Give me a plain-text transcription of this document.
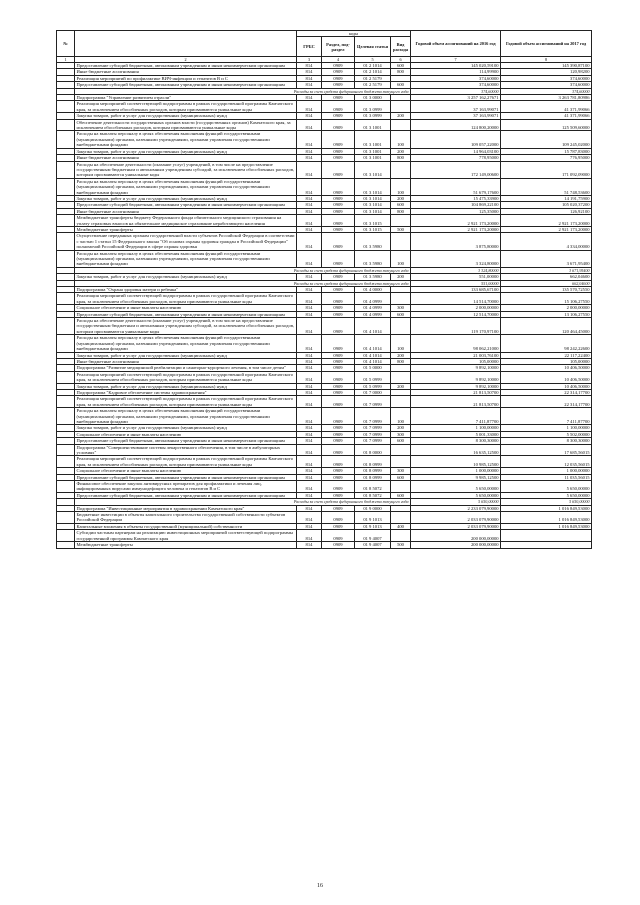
№		коды				Годовой объем ассигнований на 2016 год	Годовой объем ассигнований на 2017 год
		ГРБС	Раздел, под-раздел	Целевая статья	Вид расхода		
1	2	3	4	5	6	7	8
	Предоставление субсидий бюджетным, автономным учреждениям и иным некоммерческим организациям	814	0909	01 2 1014	600	145 020,59100	145 390,87100
	Иные бюджетные ассигнования	814	0909	01 2 1014	800	114,99900	120,98200
	Реализация мероприятий по профилактике ВИЧ-инфекции и гепатитов В и С	814	0909	01 2 5179		374,60000	374,60000
	Предоставление субсидий бюджетным, автономным учреждениям и иным некоммерческим организациям	814	0909	01 2 5179	600	374,60000	374,60000
	Расходы за счет средств федерального бюджета текущего года					374,60000	374,60000
	Подпрограмма "Управление развитием отрасли"	814	0909	01 3 0000		3 257 162,27671	3 263 781,80986
	Реализация мероприятий соответствующей подпрограммы в рамках государственной программы Камчатского края, за исключением обособленных расходов, которым присваиваются уникальные коды	814	0909	01 3 0999		37 163,99071	41 371,99066
	Закупка товаров, работ и услуг для государственных (муниципальных) нужд	814	0909	01 3 0999	200	37 163,99071	41 371,99066
	Обеспечение деятельности государственных органов власти (государственных органов) Камчатского края, за исключением обособленных расходов, которым присваиваются уникальные коды	814	0909	01 3 1001		124 800,20000	125 509,60000
	Расходы на выплаты персоналу в целях обеспечения выполнения функций государственными (муниципальными) органами, казенными учреждениями, органами управления государственными внебюджетными фондами	814	0909	01 3 1001	100	109 057,22000	109 245,02000
	Закупка товаров, работ и услуг для государственных (муниципальных) нужд	814	0909	01 3 1001	200	14 964,03100	15 787,83000
	Иные бюджетные ассигнования	814	0909	01 3 1001	800	778,95000	776,95000
	Расходы на обеспечение деятельности (оказание услуг) учреждений, в том числе на предоставление государственным бюджетным и автономным учреждениям субсидий, за исключением обособленных расходов, которым присваиваются уникальные коды	814	0909	01 3 1014		172 149,00600	171 092,09000
	Расходы на выплаты персоналу в целях обеспечения выполнения функций государственными (муниципальными) органами, казенными учреждениями, органами управления государственными внебюджетными фондами	814	0909	01 3 1014	100	51 679,17600	51 748,53600
	Закупка товаров, работ и услуг для государственных (муниципальных) нужд	814	0909	01 3 1014	200	15 475,33900	14 191,75900
	Предоставление субсидий бюджетным, автономным учреждениям и иным некоммерческим организациям	814	0909	01 3 1014	600	104 869,22100	105 020,37200
	Иные бюджетные ассигнования	814	0909	01 3 1014	800	125,35000	126,92100
	Межбюджетные трансферты бюджету Федерального фонда обязательного медицинского страхования на уплату страховых взносов на обязательное медицинское страхование неработающего населения	814	0909	01 3 1015		2 921 173,20000	2 921 173,20000
	Межбюджетные трансферты	814	0909	01 3 1015	500	2 921 173,20000	2 921 173,20000
	Осуществление переданных органам государственной власти субъектов Российской Федерации в соответствии с частью 1 статьи 15 Федерального закона "Об основах охраны здоровья граждан в Российской Федерации" полномочий Российской Федерации в сфере охраны здоровья	814	0909	01 3 5980		3 875,80000	4 334,00000
	Расходы на выплаты персоналу в целях обеспечения выполнения функций государственными (муниципальными) органами, казенными учреждениями, органами управления государственными внебюджетными фондами	814	0909	01 3 5980	100	3 324,80000	3 671,95400
	Расходы за счет средств федерального бюджета текущего года					3 324,80000	3 671,95400
	Закупка товаров, работ и услуг для государственных (муниципальных) нужд	814	0909	01 3 5980	200	551,00000	662,04600
	Расходы за счет средств федерального бюджета текущего года					551,00000	662,04600
	Подпрограмма "Охрана здоровья матери и ребенка"	814	0909	01 4 0000		133 685,67100	135 570,72550
	Реализация мероприятий соответствующей подпрограммы в рамках государственной программы Камчатского края, за исключением обособленных расходов, которым присваиваются уникальные коды	814	0909	01 4 0999		14 514,70000	15 106,27550
	Социальное обеспечение и иные выплаты населению	814	0909	01 4 0999	300	2 000,00000	2 000,00000
	Предоставление субсидий бюджетным, автономным учреждениям и иным некоммерческим организациям	814	0909	01 4 0999	600	12 514,70000	13 106,27550
	Расходы на обеспечение деятельности (оказание услуг) учреждений, в том числе на предоставление государственным бюджетным и автономным учреждениям субсидий, за исключением обособленных расходов, которым присваиваются уникальные коды	814	0909	01 4 1014		119 170,97100	120 464,45000
	Расходы на выплаты персоналу в целях обеспечения выполнения функций государственными (муниципальными) органами, казенными учреждениями, органами управления государственными внебюджетными фондами	814	0909	01 4 1014	100	98 062,21000	98 242,22600
	Закупка товаров, работ и услуг для государственных (муниципальных) нужд	814	0909	01 4 1014	200	21 003,76100	22 117,22400
	Иные бюджетные ассигнования	814	0909	01 4 1014	800	105,00000	105,00000
	Подпрограмма "Развитие медицинской реабилитации и санаторно-курортного лечения, в том числе детям"	814	0909	01 5 0000		9 892,10000	10 406,50000
	Реализация мероприятий соответствующей подпрограммы в рамках государственной программы Камчатского края, за исключением обособленных расходов, которым присваиваются уникальные коды	814	0909	01 5 0999		9 892,10000	10 406,50000
	Закупка товаров, работ и услуг для государственных (муниципальных) нужд	814	0909	01 5 0999	200	9 892,10000	10 406,50000
	Подпрограмма "Кадровое обеспечение системы здравоохранения"	814	0909	01 7 0000		21 813,50700	22 314,17700
	Реализация мероприятий соответствующей подпрограммы в рамках государственной программы Камчатского края, за исключением обособленных расходов, которым присваиваются уникальные коды	814	0909	01 7 0999		21 813,50700	22 314,17700
	Расходы на выплаты персоналу в целях обеспечения выполнения функций государственными (муниципальными) органами, казенными учреждениями, органами управления государственными внебюджетными фондами	814	0909	01 7 0999	100	7 411,87700	7 411,87700
	Закупка товаров, работ и услуг для государственных (муниципальных) нужд	814	0909	01 7 0999	200	1 100,00000	1 100,00000
	Социальное обеспечение и иные выплаты населению	814	0909	01 7 0999	300	5 001,33000	5 502,00000
	Предоставление субсидий бюджетным, автономным учреждениям и иным некоммерческим организациям	814	0909	01 7 0999	600	8 300,30000	8 300,30000
	Подпрограмма "Совершенствование системы лекарственного обеспечения, в том числе в амбулаторных условиях"	814	0909	01 8 0000		16 635,12500	17 685,56015
	Реализация мероприятий соответствующей подпрограммы в рамках государственной программы Камчатского края, за исключением обособленных расходов, которым присваиваются уникальные коды	814	0909	01 8 0999		10 985,12500	12 035,56015
	Социальное обеспечение и иные выплаты населению	814	0909	01 8 0999	300	1 000,00000	1 000,00000
	Предоставление субсидий бюджетным, автономным учреждениям и иным некоммерческим организациям	814	0909	01 8 0999	600	9 985,12500	11 035,56015
	Финансовое обеспечение закупок антивирусных препаратов для профилактики и лечения лиц, инфицированных вирусами иммунодефицита человека и гепатитов В и С	814	0909	01 8 5072		5 650,00000	5 650,00000
	Предоставление субсидий бюджетным, автономным учреждениям и иным некоммерческим организациям	814	0909	01 8 5072	600	5 650,00000	5 650,00000
	Расходы за счет средств федерального бюджета текущего года					5 650,00000	5 650,00000
	Подпрограмма "Инвестиционные мероприятия в здравоохранении Камчатского края"	814	0909	01 9 0000		2 233 079,90000	1 016 849,53000
	Бюджетные инвестиции в объекты капитального строительства государственной собственности субъектов Российской Федерации	814	0909	01 9 1013		2 033 079,90000	1 016 849,53000
	Капитальные вложения в объекты государственной (муниципальной) собственности	814	0909	01 9 1013	400	2 033 079,90000	1 016 849,53000
	Субсидии частным партнерам на реализацию инвестиционных мероприятий соответствующей подпрограммы государственной программы Камчатского края	814	0909	01 9 4007		200 000,00000	
	Межбюджетные трансферты	814	0909	01 9 4007	500	200 000,00000	
16
